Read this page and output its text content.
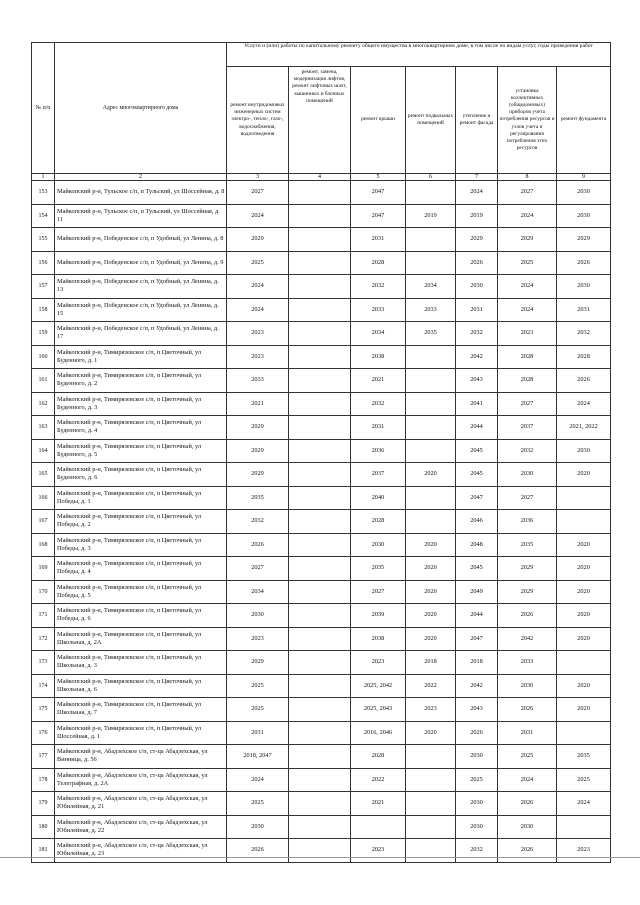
№ п/п	Адрес многоквартирного дома	Услуги и (или) работы по капитальному ремонту общего имущества в многоквартирном доме, в том числе по видам услуг, годы проведения работ						
		ремонт внутридомовых инженерных систем электро-, тепло-, газо-, водоснабжения, водоотведения	ремонт, замена, модернизация лифтов, ремонт лифтовых шахт, машинных и блочных помещений	ремонт крыши	ремонт подвальных помещений	утепление и ремонт фасада	установка коллективных (общедомовых) приборов учета потребления ресурсов и узлов учета и регулирования потребления этих ресурсов	ремонт фундамента
1	2	3	4	5	6	7	8	9
153	Майкопский р-н, Тульское с/п, п Тульский, ул Шоссейная, д. 8	2027		2047		2024	2027	2030
154	Майкопский р-н, Тульское с/п, п Тульский, ул Шоссейная, д. 11	2024		2047	2019	2019	2024	2030
155	Майкопский р-н, Победенское с/п, п Удобный, ул Ленина, д. 8	2029		2031		2029	2029	2029
156	Майкопский р-н, Победенское с/п, п Удобный, ул Ленина, д. 9	2025		2028		2026	2025	2026
157	Майкопский р-н, Победенское с/п, п Удобный, ул Ленина, д. 13	2024		2032	2034	2030	2024	2030
158	Майкопский р-н, Победенское с/п, п Удобный, ул Ленина, д. 15	2024		2033	2033	2031	2024	2031
159	Майкопский р-н, Победенское с/п, п Удобный, ул Ленина, д. 17	2023		2034	2035	2032	2023	2032
160	Майкопский р-н, Тимирязевское с/п, п Цветочный, ул Буденного, д. 1	2023		2038		2042	2028	2028
161	Майкопский р-н, Тимирязевское с/п, п Цветочный, ул Буденного, д. 2	2033		2021		2043	2028	2026
162	Майкопский р-н, Тимирязевское с/п, п Цветочный, ул Буденного, д. 3	2021		2032		2041	2027	2024
163	Майкопский р-н, Тимирязевское с/п, п Цветочный, ул Буденного, д. 4	2029		2031		2044	2037	2021, 2022
164	Майкопский р-н, Тимирязевское с/п, п Цветочный, ул Буденного, д. 5	2029		2036		2045	2032	2030
165	Майкопский р-н, Тимирязевское с/п, п Цветочный, ул Буденного, д. 6	2029		2037	2020	2045	2030	2020
166	Майкопский р-н, Тимирязевское с/п, п Цветочный, ул Победы, д. 1	2035		2040		2047	2027	
167	Майкопский р-н, Тимирязевское с/п, п Цветочный, ул Победы, д. 2	2032		2028		2046	2036	
168	Майкопский р-н, Тимирязевское с/п, п Цветочный, ул Победы, д. 3	2026		2030	2020	2048	2035	2020
169	Майкопский р-н, Тимирязевское с/п, п Цветочный, ул Победы, д. 4	2027		2035	2020	2045	2029	2020
170	Майкопский р-н, Тимирязевское с/п, п Цветочный, ул Победы, д. 5	2034		2027	2020	2049	2029	2020
171	Майкопский р-н, Тимирязевское с/п, п Цветочный, ул Победы, д. 6	2030		2039	2020	2044	2026	2020
172	Майкопский р-н, Тимирязевское с/п, п Цветочный, ул Школьная, д. 2А	2023		2038	2020	2047	2042	2020
173	Майкопский р-н, Тимирязевское с/п, п Цветочный, ул Школьная, д. 3	2029		2023	2018	2018	2033	
174	Майкопский р-н, Тимирязевское с/п, п Цветочный, ул Школьная, д. 6	2025		2025, 2042	2022	2042	2030	2020
175	Майкопский р-н, Тимирязевское с/п, п Цветочный, ул Школьная, д. 7	2025		2025, 2043	2023	2043	2026	2020
176	Майкопский р-н, Тимирязевское с/п, п Цветочный, ул Шоссейная, д. 1	2031		2016, 2046	2020	2026	2031	
177	Майкопский р-н, Абадзехское с/п, ст-ца Абадзехская, ул Винница, д. 56	2018, 2047		2028		2030	2025	2035
178	Майкопский р-н, Абадзехское с/п, ст-ца Абадзехская, ул Телеграфная, д. 2А	2024		2022		2025	2024	2025
179	Майкопский р-н, Абадзехское с/п, ст-ца Абадзехская, ул Юбилейная, д. 21	2025		2021		2030	2026	2024
180	Майкопский р-н, Абадзехское с/п, ст-ца Абадзехская, ул Юбилейная, д. 22	2030				2030	2030	
181	Майкопский р-н, Абадзехское с/п, ст-ца Абадзехская, ул Юбилейная, д. 23	2026		2023		2032	2026	2023
